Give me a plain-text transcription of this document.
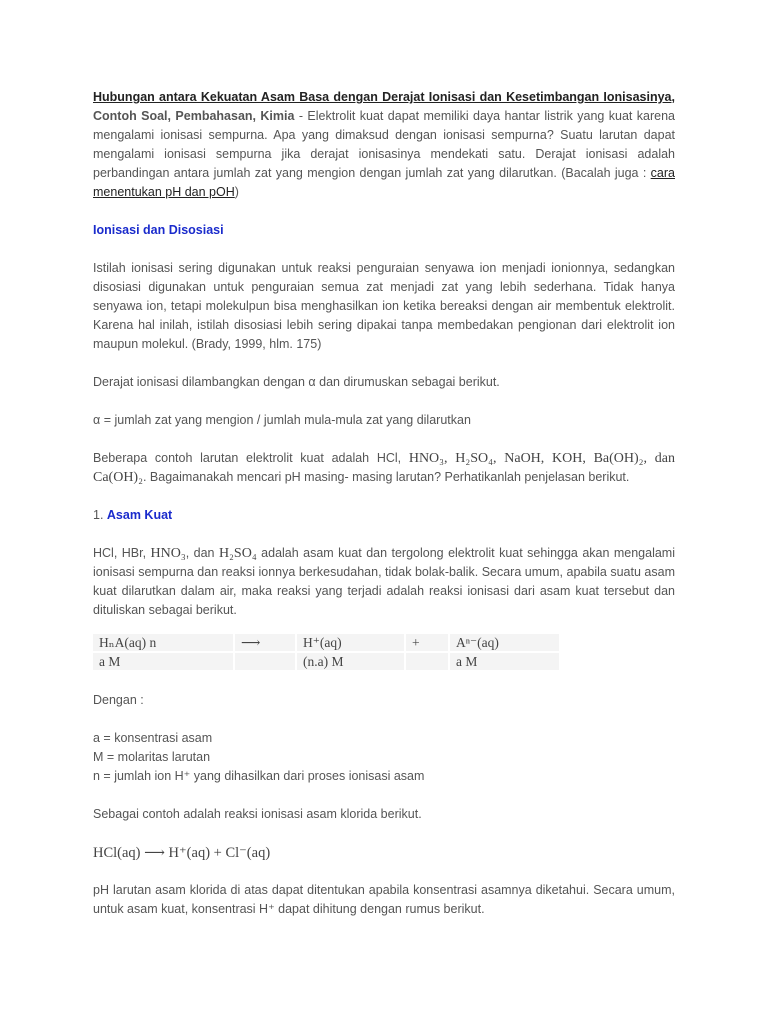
Hubungan antara Kekuatan Asam Basa dengan Derajat Ionisasi dan Kesetimbangan Ionisasinya, Contoh Soal, Pembahasan, Kimia - Elektrolit kuat dapat memiliki daya hantar listrik yang kuat karena mengalami ionisasi sempurna. Apa yang dimaksud dengan ionisasi sempurna? Suatu larutan dapat mengalami ionisasi sempurna jika derajat ionisasinya mendekati satu. Derajat ionisasi adalah perbandingan antara jumlah zat yang mengion dengan jumlah zat yang dilarutkan. (Bacalah juga : cara menentukan pH dan pOH)

Ionisasi dan Disosiasi

Istilah ionisasi sering digunakan untuk reaksi penguraian senyawa ion menjadi ionionnya, sedangkan disosiasi digunakan untuk penguraian semua zat menjadi zat yang lebih sederhana. Tidak hanya senyawa ion, tetapi molekulpun bisa menghasilkan ion ketika bereaksi dengan air membentuk elektrolit. Karena hal inilah, istilah disosiasi lebih sering dipakai tanpa membedakan pengionan dari elektrolit ion maupun molekul. (Brady, 1999, hlm. 175)

Derajat ionisasi dilambangkan dengan α dan dirumuskan sebagai berikut.

α = jumlah zat yang mengion / jumlah mula-mula zat yang dilarutkan

Beberapa contoh larutan elektrolit kuat adalah HCl, HNO₃, H₂SO₄, NaOH, KOH, Ba(OH)₂, dan Ca(OH)₂. Bagaimanakah mencari pH masing- masing larutan? Perhatikanlah penjelasan berikut.

1. Asam Kuat

HCl, HBr, HNO₃, dan H₂SO₄ adalah asam kuat dan tergolong elektrolit kuat sehingga akan mengalami ionisasi sempurna dan reaksi ionnya berkesudahan, tidak bolak-balik. Secara umum, apabila suatu asam kuat dilarutkan dalam air, maka reaksi yang terjadi adalah reaksi ionisasi dari asam kuat tersebut dan dituliskan sebagai berikut.

HₙA(aq) n	⟶	H⁺(aq)	+	Aⁿ⁻(aq)
a M		(n.a) M		a M

Dengan :

a = konsentrasi asam

M = molaritas larutan

n = jumlah ion H⁺ yang dihasilkan dari proses ionisasi asam

Sebagai contoh adalah reaksi ionisasi asam klorida berikut.

HCl(aq) ⟶ H⁺(aq) + Cl⁻(aq)

pH larutan asam klorida di atas dapat ditentukan apabila konsentrasi asamnya diketahui. Secara umum, untuk asam kuat, konsentrasi H⁺ dapat dihitung dengan rumus berikut.
